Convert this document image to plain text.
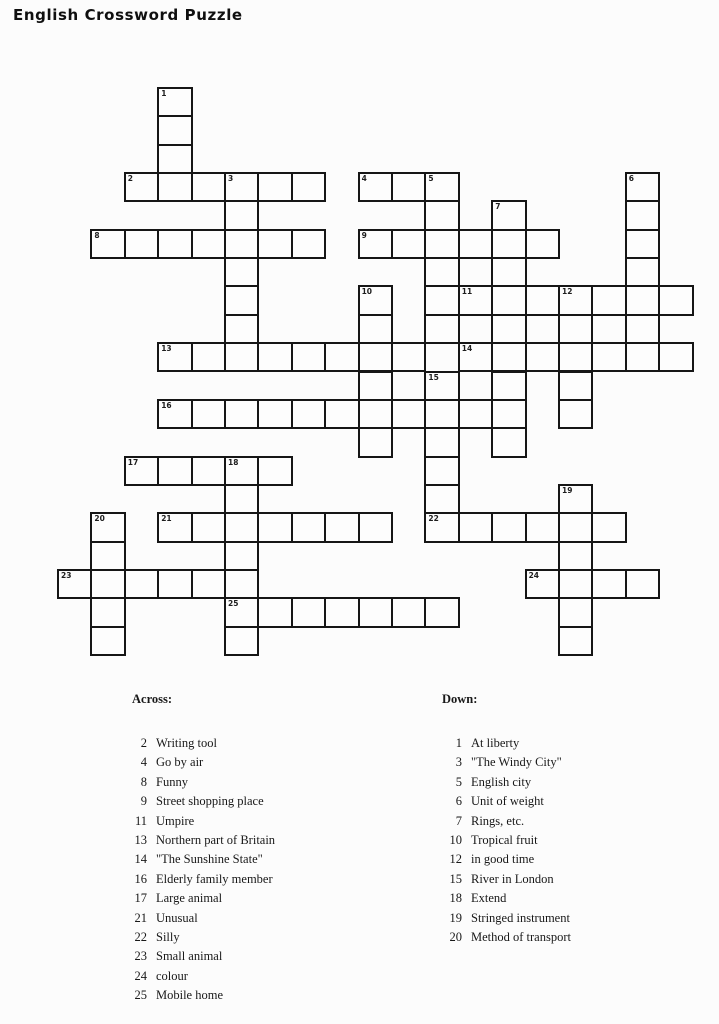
English Crossword Puzzle
1
2	3	4	5	6
7
8	9
10	11	12
13	14
15
22
16
17	18
25
19
20	21
23	24
Across:
2 Writing tool
4 Go by air
8 Funny
9 Street shopping place
11 Umpire
13 Northern part of Britain
14 "The Sunshine State"
16 Elderly family member
17 Large animal
21 Unusual
22 Silly
23 Small animal
24 colour
25 Mobile home
Down:
1 At liberty
3 "The Windy City"
5 English city
6 Unit of weight
7 Rings, etc.
10 Tropical fruit
12 in good time
15 River in London
18 Extend
19 Stringed instrument
20 Method of transport
